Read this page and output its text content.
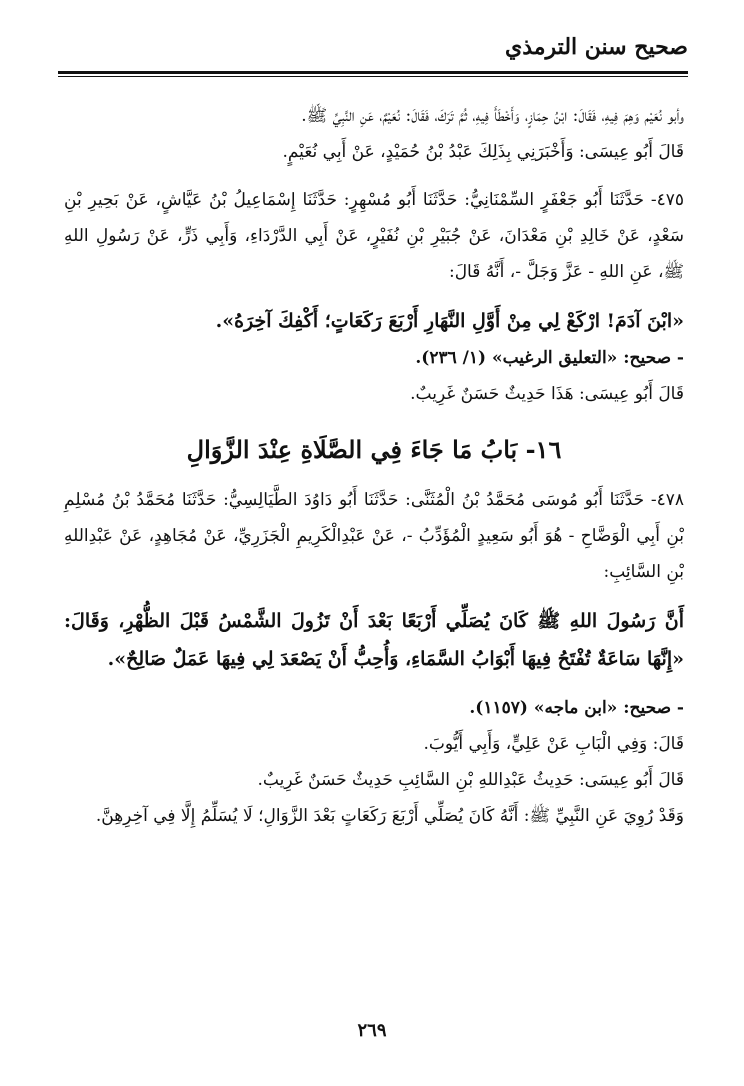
صحيح سنن الترمذي

وأبو نُعَيْم وَهِمَ فِيهِ، فَقَالَ: ابْنُ حِمَازٍ، وَأَخْطَأَ فِيهِ، ثُمَّ تَرَكَ، فَقَالَ: نُعَيْمٌ، عَنِ النَّبِيِّ ﷺ.

قَالَ أَبُو عِيسَى: وَأَخْبَرَنِي بِذَلِكَ عَبْدُ بْنُ حُمَيْدٍ، عَنْ أَبِي نُعَيْمٍ.

٤٧٥- حَدَّثَنَا أَبُو جَعْفَرٍ السِّمْنَانِيُّ: حَدَّثَنَا أَبُو مُسْهِرٍ: حَدَّثَنَا إِسْمَاعِيلُ بْنُ عَيَّاشٍ، عَنْ بَحِيرِ بْنِ سَعْدٍ، عَنْ خَالِدِ بْنِ مَعْدَانَ، عَنْ جُبَيْرِ بْنِ نُفَيْرٍ، عَنْ أَبِي الدَّرْدَاءِ، وَأَبِي ذَرٍّ، عَنْ رَسُولِ اللهِ ﷺ، عَنِ اللهِ - عَزَّ وَجَلَّ -، أَنَّهُ قَالَ:

«ابْنَ آدَمَ! ارْكَعْ لِي مِنْ أَوَّلِ النَّهَارِ أَرْبَعَ رَكَعَاتٍ؛ أَكْفِكَ آخِرَهُ».

- صحيح: «التعليق الرغيب» (١/ ٢٣٦).

قَالَ أَبُو عِيسَى: هَذَا حَدِيثٌ حَسَنٌ غَرِيبٌ.

١٦- بَابُ مَا جَاءَ فِي الصَّلَاةِ عِنْدَ الزَّوَالِ

٤٧٨- حَدَّثَنَا أَبُو مُوسَى مُحَمَّدُ بْنُ الْمُثَنَّى: حَدَّثَنَا أَبُو دَاوُدَ الطَّيَالِسِيُّ: حَدَّثَنَا مُحَمَّدُ بْنُ مُسْلِمِ بْنِ أَبِي الْوَضَّاحِ - هُوَ أَبُو سَعِيدٍ الْمُؤَدِّبُ -، عَنْ عَبْدِالْكَرِيمِ الْجَزَرِيِّ، عَنْ مُجَاهِدٍ، عَنْ عَبْدِاللهِ بْنِ السَّائِبِ:

أَنَّ رَسُولَ اللهِ ﷺ كَانَ يُصَلِّي أَرْبَعًا بَعْدَ أَنْ تَزُولَ الشَّمْسُ قَبْلَ الظُّهْرِ، وَقَالَ: «إِنَّهَا سَاعَةٌ تُفْتَحُ فِيهَا أَبْوَابُ السَّمَاءِ، وَأُحِبُّ أَنْ يَصْعَدَ لِي فِيهَا عَمَلٌ صَالِحٌ».

- صحيح: «ابن ماجه» (١١٥٧).

قَالَ: وَفِي الْبَابِ عَنْ عَلِيٍّ، وَأَبِي أَيُّوبَ.

قَالَ أَبُو عِيسَى: حَدِيثُ عَبْدِاللهِ بْنِ السَّائِبِ حَدِيثٌ حَسَنٌ غَرِيبٌ.

وَقَدْ رُوِيَ عَنِ النَّبِيِّ ﷺ: أَنَّهُ كَانَ يُصَلِّي أَرْبَعَ رَكَعَاتٍ بَعْدَ الزَّوَالِ؛ لَا يُسَلِّمُ إِلَّا فِي آخِرِهِنَّ.

٢٦٩
